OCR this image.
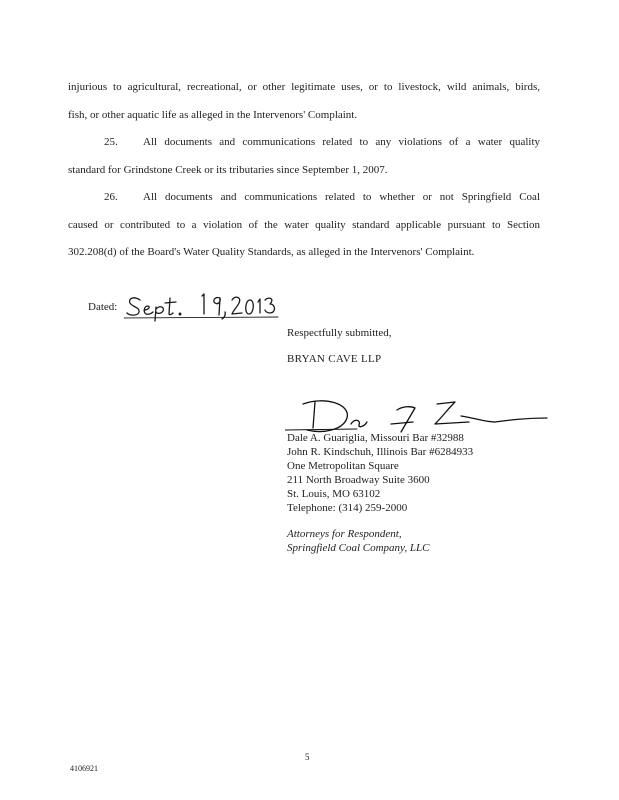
injurious to agricultural, recreational, or other legitimate uses, or to livestock, wild animals, birds,
fish, or other aquatic life as alleged in the Intervenors' Complaint.
25. All documents and communications related to any violations of a water quality
standard for Grindstone Creek or its tributaries since September 1, 2007.
26. All documents and communications related to whether or not Springfield Coal
caused or contributed to a violation of the water quality standard applicable pursuant to Section
302.208(d) of the Board's Water Quality Standards, as alleged in the Intervenors' Complaint.
Dated:
Respectfully submitted,
BRYAN CAVE LLP
Dale A. Guariglia, Missouri Bar #32988
John R. Kindschuh, Illinois Bar #6284933
One Metropolitan Square
211 North Broadway Suite 3600
St. Louis, MO 63102
Telephone: (314) 259-2000
Attorneys for Respondent,
Springfield Coal Company, LLC
5
4106921
